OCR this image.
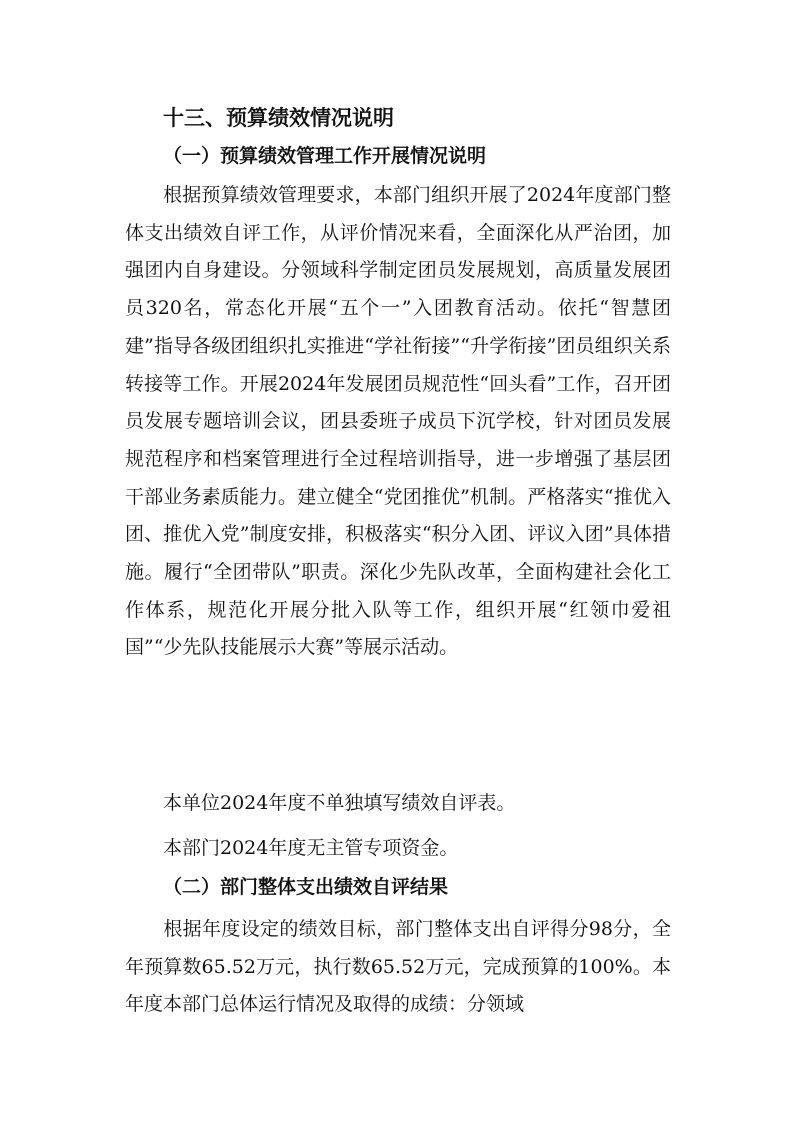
十三、预算绩效情况说明
（一）预算绩效管理工作开展情况说明

根据预算绩效管理要求，本部门组织开展了2024年度部门整体支出绩效自评工作，从评价情况来看，全面深化从严治团，加强团内自身建设。分领域科学制定团员发展规划，高质量发展团员320名，常态化开展“五个一”入团教育活动。依托“智慧团建”指导各级团组织扎实推进“学社衔接”“升学衔接”团员组织关系转接等工作。开展2024年发展团员规范性“回头看”工作，召开团员发展专题培训会议，团县委班子成员下沉学校，针对团员发展规范程序和档案管理进行全过程培训指导，进一步增强了基层团干部业务素质能力。建立健全“党团推优”机制。严格落实“推优入团、推优入党”制度安排，积极落实“积分入团、评议入团”具体措施。履行“全团带队”职责。深化少先队改革，全面构建社会化工作体系，规范化开展分批入队等工作，组织开展“红领巾爱祖国”“少先队技能展示大赛”等展示活动。

本单位2024年度不单独填写绩效自评表。

本部门2024年度无主管专项资金。

（二）部门整体支出绩效自评结果

根据年度设定的绩效目标，部门整体支出自评得分98分，全年预算数65.52万元，执行数65.52万元，完成预算的100%。本年度本部门总体运行情况及取得的成绩：分领域
